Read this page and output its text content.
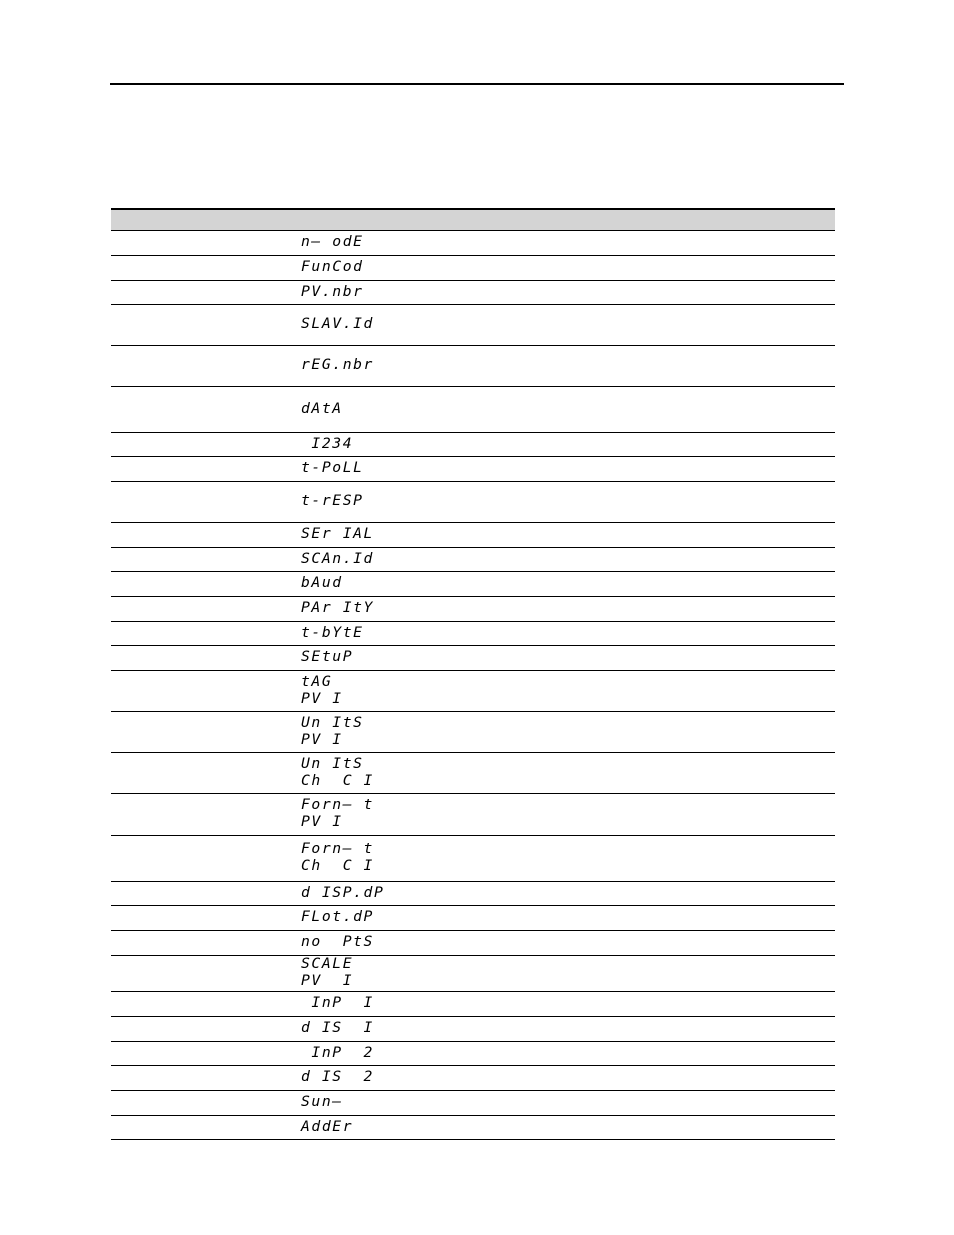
n‒ odE
FunCod
PV.nbr
SLAV.Id
rEG.nbr
dAtA
I234
t-PoLL
t-rESP
SEr IAL
SCAn.Id
bAud
PAr ItY
t-bYtE
SEtuP
tAG
PV I
Un ItS
PV I
Un ItS
Ch  C I
Forn‒ t
PV I
Forn‒ t
Ch  C I
d ISP.dP
FLot.dP
no  PtS
SCALE
PV  I
InP  I
d IS  I
InP  2
d IS  2
Sun‒
AddEr
